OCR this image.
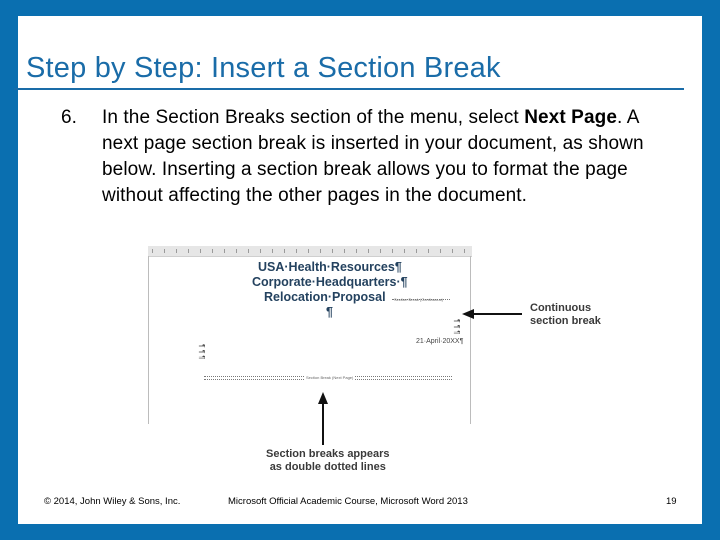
Step by Step: Insert a Section Break
6. In the Section Breaks section of the menu, select Next Page. A next page section break is inserted in your document, as shown below. Inserting a section break allows you to format the page without affecting the other pages in the document.
USA·Health·Resources¶
Corporate·Headquarters·¶
Relocation·Proposal Section Break (Continuous)
¶
¶ ¶ ¶
21·April·20XX¶
¶ ¶ ¶
Section Break (Next Page)
Continuous
section break
Section breaks appears
as double dotted lines
© 2014, John Wiley & Sons, Inc.	Microsoft Official Academic Course, Microsoft Word 2013	19
